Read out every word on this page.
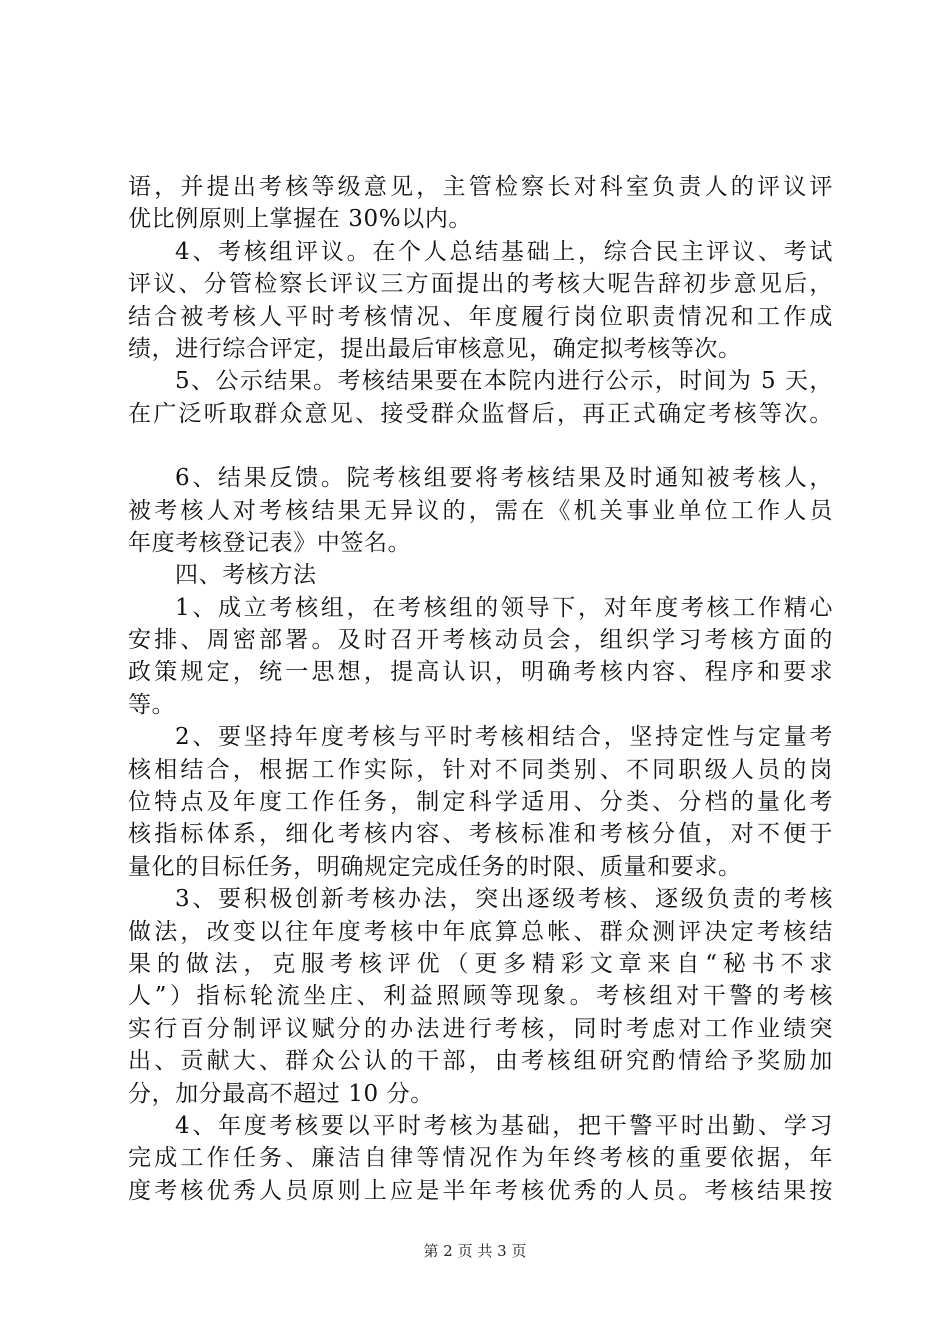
语，并提出考核等级意见，主管检察长对科室负责人的评议评
优比例原则上掌握在 30%以内。
4、考核组评议。在个人总结基础上，综合民主评议、考试
评议、分管检察长评议三方面提出的考核大呢告辞初步意见后，
结合被考核人平时考核情况、年度履行岗位职责情况和工作成
绩，进行综合评定，提出最后审核意见，确定拟考核等次。
5、公示结果。考核结果要在本院内进行公示，时间为 5 天，
在广泛听取群众意见、接受群众监督后，再正式确定考核等次。
6、结果反馈。院考核组要将考核结果及时通知被考核人，
被考核人对考核结果无异议的，需在《机关事业单位工作人员
年度考核登记表》中签名。
四、考核方法
1、成立考核组，在考核组的领导下，对年度考核工作精心
安排、周密部署。及时召开考核动员会，组织学习考核方面的
政策规定，统一思想，提高认识，明确考核内容、程序和要求
等。
2、要坚持年度考核与平时考核相结合，坚持定性与定量考
核相结合，根据工作实际，针对不同类别、不同职级人员的岗
位特点及年度工作任务，制定科学适用、分类、分档的量化考
核指标体系，细化考核内容、考核标准和考核分值，对不便于
量化的目标任务，明确规定完成任务的时限、质量和要求。
3、要积极创新考核办法，突出逐级考核、逐级负责的考核
做法，改变以往年度考核中年底算总帐、群众测评决定考核结
果的做法，克服考核评优（更多精彩文章来自“秘书不求
人”）指标轮流坐庄、利益照顾等现象。考核组对干警的考核
实行百分制评议赋分的办法进行考核，同时考虑对工作业绩突
出、贡献大、群众公认的干部，由考核组研究酌情给予奖励加
分，加分最高不超过 10 分。
4、年度考核要以平时考核为基础，把干警平时出勤、学习
完成工作任务、廉洁自律等情况作为年终考核的重要依据，年
度考核优秀人员原则上应是半年考核优秀的人员。考核结果按
第 2 页 共 3 页
